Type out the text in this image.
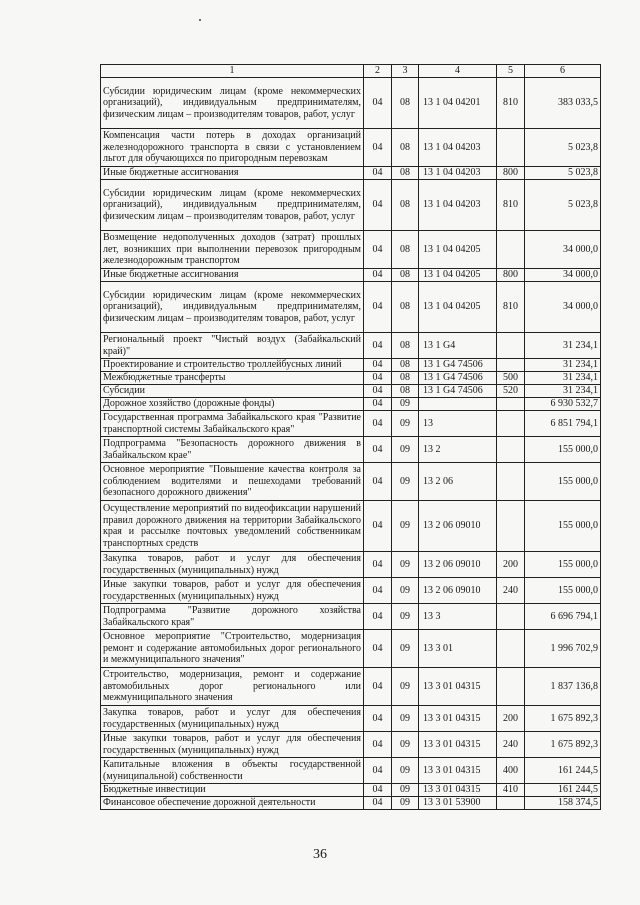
1	2	3	4	5	6
Субсидии юридическим лицам (кроме некоммерческих организаций), индивидуальным предпринимателям, физическим лицам – производителям товаров, работ, услуг	04	08	13 1 04 04201	810	383 033,5
Компенсация части потерь в доходах организаций железнодорожного транспорта в связи с установлением льгот для обучающихся по пригородным перевозкам	04	08	13 1 04 04203		5 023,8
Иные бюджетные ассигнования	04	08	13 1 04 04203	800	5 023,8
Субсидии юридическим лицам (кроме некоммерческих организаций), индивидуальным предпринимателям, физическим лицам – производителям товаров, работ, услуг	04	08	13 1 04 04203	810	5 023,8
Возмещение недополученных доходов (затрат) прошлых лет, возникших при выполнении перевозок пригородным железнодорожным транспортом	04	08	13 1 04 04205		34 000,0
Иные бюджетные ассигнования	04	08	13 1 04 04205	800	34 000,0
Субсидии юридическим лицам (кроме некоммерческих организаций), индивидуальным предпринимателям, физическим лицам – производителям товаров, работ, услуг	04	08	13 1 04 04205	810	34 000,0
Региональный проект "Чистый воздух (Забайкальский край)"	04	08	13 1 G4		31 234,1
Проектирование и строительство троллейбусных линий	04	08	13 1 G4 74506		31 234,1
Межбюджетные трансферты	04	08	13 1 G4 74506	500	31 234,1
Субсидии	04	08	13 1 G4 74506	520	31 234,1
Дорожное хозяйство (дорожные фонды)	04	09			6 930 532,7
Государственная программа Забайкальского края "Развитие транспортной системы Забайкальского края"	04	09	13		6 851 794,1
Подпрограмма "Безопасность дорожного движения в Забайкальском крае"	04	09	13 2		155 000,0
Основное мероприятие "Повышение качества контроля за соблюдением водителями и пешеходами требований безопасного дорожного движения"	04	09	13 2 06		155 000,0
Осуществление мероприятий по видеофиксации нарушений правил дорожного движения на территории Забайкальского края и рассылке почтовых уведомлений собственникам транспортных средств	04	09	13 2 06 09010		155 000,0
Закупка товаров, работ и услуг для обеспечения государственных (муниципальных) нужд	04	09	13 2 06 09010	200	155 000,0
Иные закупки товаров, работ и услуг для обеспечения государственных (муниципальных) нужд	04	09	13 2 06 09010	240	155 000,0
Подпрограмма "Развитие дорожного хозяйства Забайкальского края"	04	09	13 3		6 696 794,1
Основное мероприятие "Строительство, модернизация ремонт и содержание автомобильных дорог регионального и межмуниципального значения"	04	09	13 3 01		1 996 702,9
Строительство, модернизация, ремонт и содержание автомобильных дорог регионального или межмуниципального значения	04	09	13 3 01 04315		1 837 136,8
Закупка товаров, работ и услуг для обеспечения государственных (муниципальных) нужд	04	09	13 3 01 04315	200	1 675 892,3
Иные закупки товаров, работ и услуг для обеспечения государственных (муниципальных) нужд	04	09	13 3 01 04315	240	1 675 892,3
Капитальные вложения в объекты государственной (муниципальной) собственности	04	09	13 3 01 04315	400	161 244,5
Бюджетные инвестиции	04	09	13 3 01 04315	410	161 244,5
Финансовое обеспечение дорожной деятельности	04	09	13 3 01 53900		158 374,5
36
